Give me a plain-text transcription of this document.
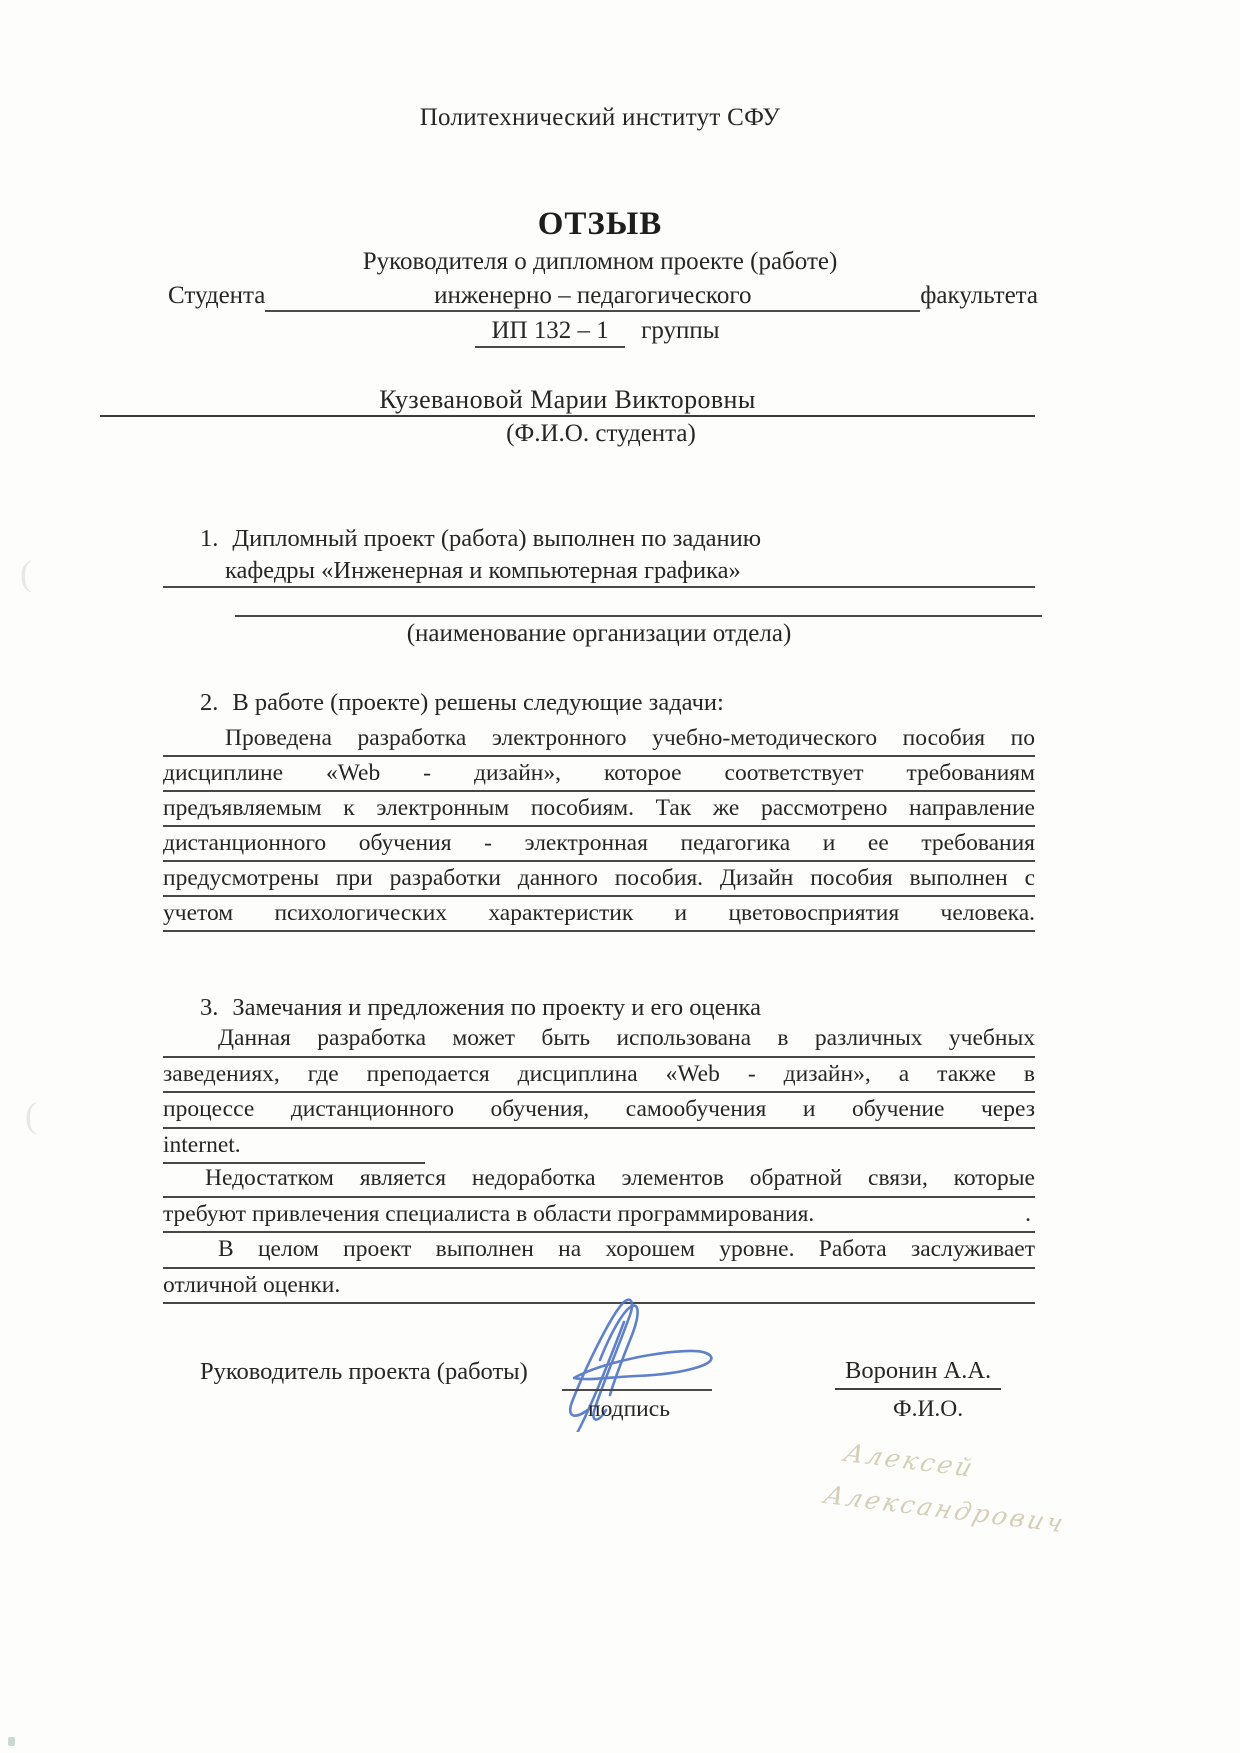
Политехнический институт СФУ
ОТЗЫВ
Руководителя о дипломном проекте (работе)
Студента	инженерно – педагогического	факультета
ИП 132 – 1 группы
Кузевановой Марии Викторовны
(Ф.И.О. студента)
1. Дипломный проект (работа) выполнен по заданию
кафедры «Инженерная и компьютерная графика»
(наименование организации отдела)
2. В работе (проекте) решены следующие задачи:
Проведена разработка электронного учебно-методического пособия по
дисциплине «Web - дизайн», которое соответствует требованиям
предъявляемым к электронным пособиям. Так же рассмотрено направление
дистанционного обучения - электронная педагогика и ее требования
предусмотрены при разработки данного пособия. Дизайн пособия выполнен с
учетом психологических характеристик и цветовосприятия человека.
3. Замечания и предложения по проекту и его оценка
Данная разработка может быть использована в различных учебных
заведениях, где преподается дисциплина «Web - дизайн», а также в
процессе дистанционного обучения, самообучения и обучение через
internet.
Недостатком является недоработка элементов обратной связи, которые
требуют привлечения специалиста в области программирования.	.
В целом проект выполнен на хорошем уровне. Работа заслуживает
отличной оценки.
Руководитель проекта (работы)
подпись
Воронин А.А.
Ф.И.О.
Алексей
Александрович
(
(
